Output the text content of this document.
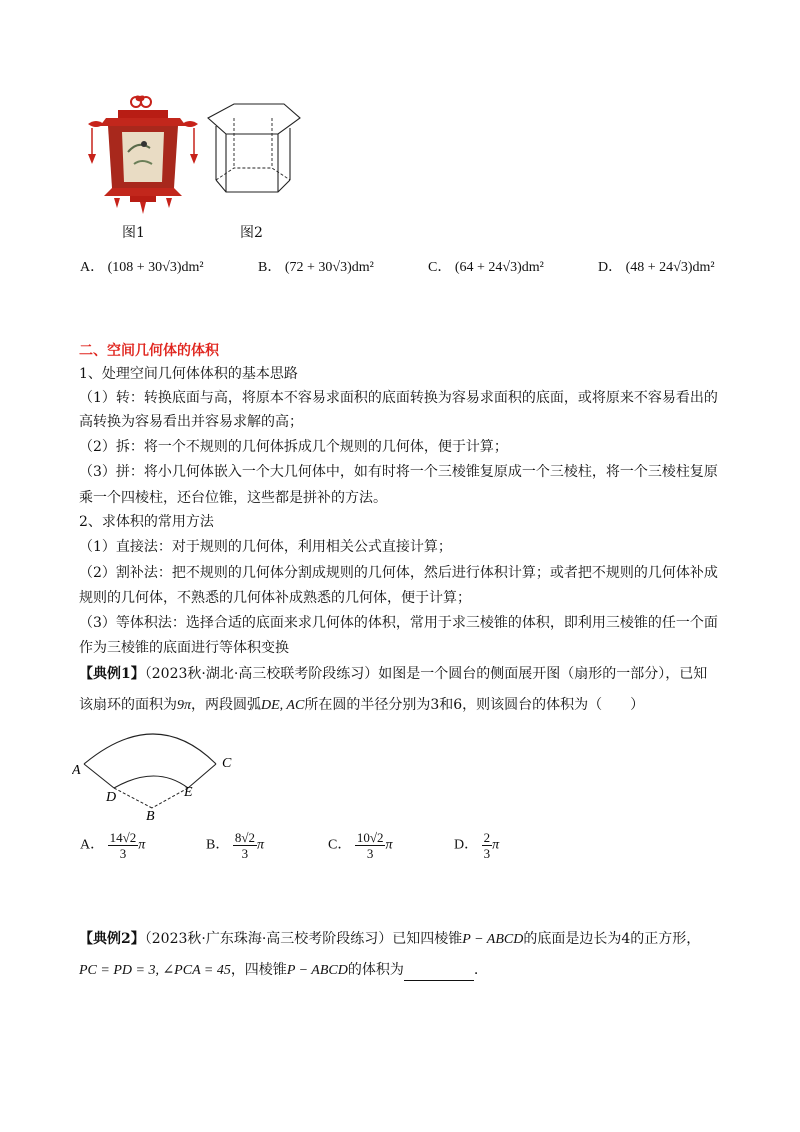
图1	图2
A． (108 + 30√3)dm²	B． (72 + 30√3)dm²	C． (64 + 24√3)dm²	D． (48 + 24√3)dm²
二、空间几何体的体积
1、处理空间几何体体积的基本思路
（1）转：转换底面与高，将原本不容易求面积的底面转换为容易求面积的底面，或将原来不容易看出的
高转换为容易看出并容易求解的高；
（2）拆：将一个不规则的几何体拆成几个规则的几何体，便于计算；
（3）拼：将小几何体嵌入一个大几何体中，如有时将一个三棱锥复原成一个三棱柱，将一个三棱柱复原
乘一个四棱柱，还台位锥，这些都是拼补的方法。
2、求体积的常用方法
（1）直接法：对于规则的几何体，利用相关公式直接计算；
（2）割补法：把不规则的几何体分割成规则的几何体，然后进行体积计算；或者把不规则的几何体补成
规则的几何体，不熟悉的几何体补成熟悉的几何体，便于计算；
（3）等体积法：选择合适的底面来求几何体的体积，常用于求三棱锥的体积，即利用三棱锥的任一个面
作为三棱锥的底面进行等体积变换
【典例1】（2023秋·湖北·高三校联考阶段练习）如图是一个圆台的侧面展开图（扇形的一部分），已知
该扇环的面积为9π，两段圆弧DE, AC所在圆的半径分别为3和6，则该圆台的体积为（　　）
A	C
D	E
B
A． $\frac{14√2}{3}$ π	B． $\frac{8√2}{3}$ π	C． $\frac{10√2}{3}$ π	D． $\frac{2}{3}$ π
【典例2】（2023秋·广东珠海·高三校考阶段练习）已知四棱锥P − ABCD的底面是边长为4的正方形，
PC = PD = 3, ∠PCA = 45，四棱锥P − ABCD的体积为	.
